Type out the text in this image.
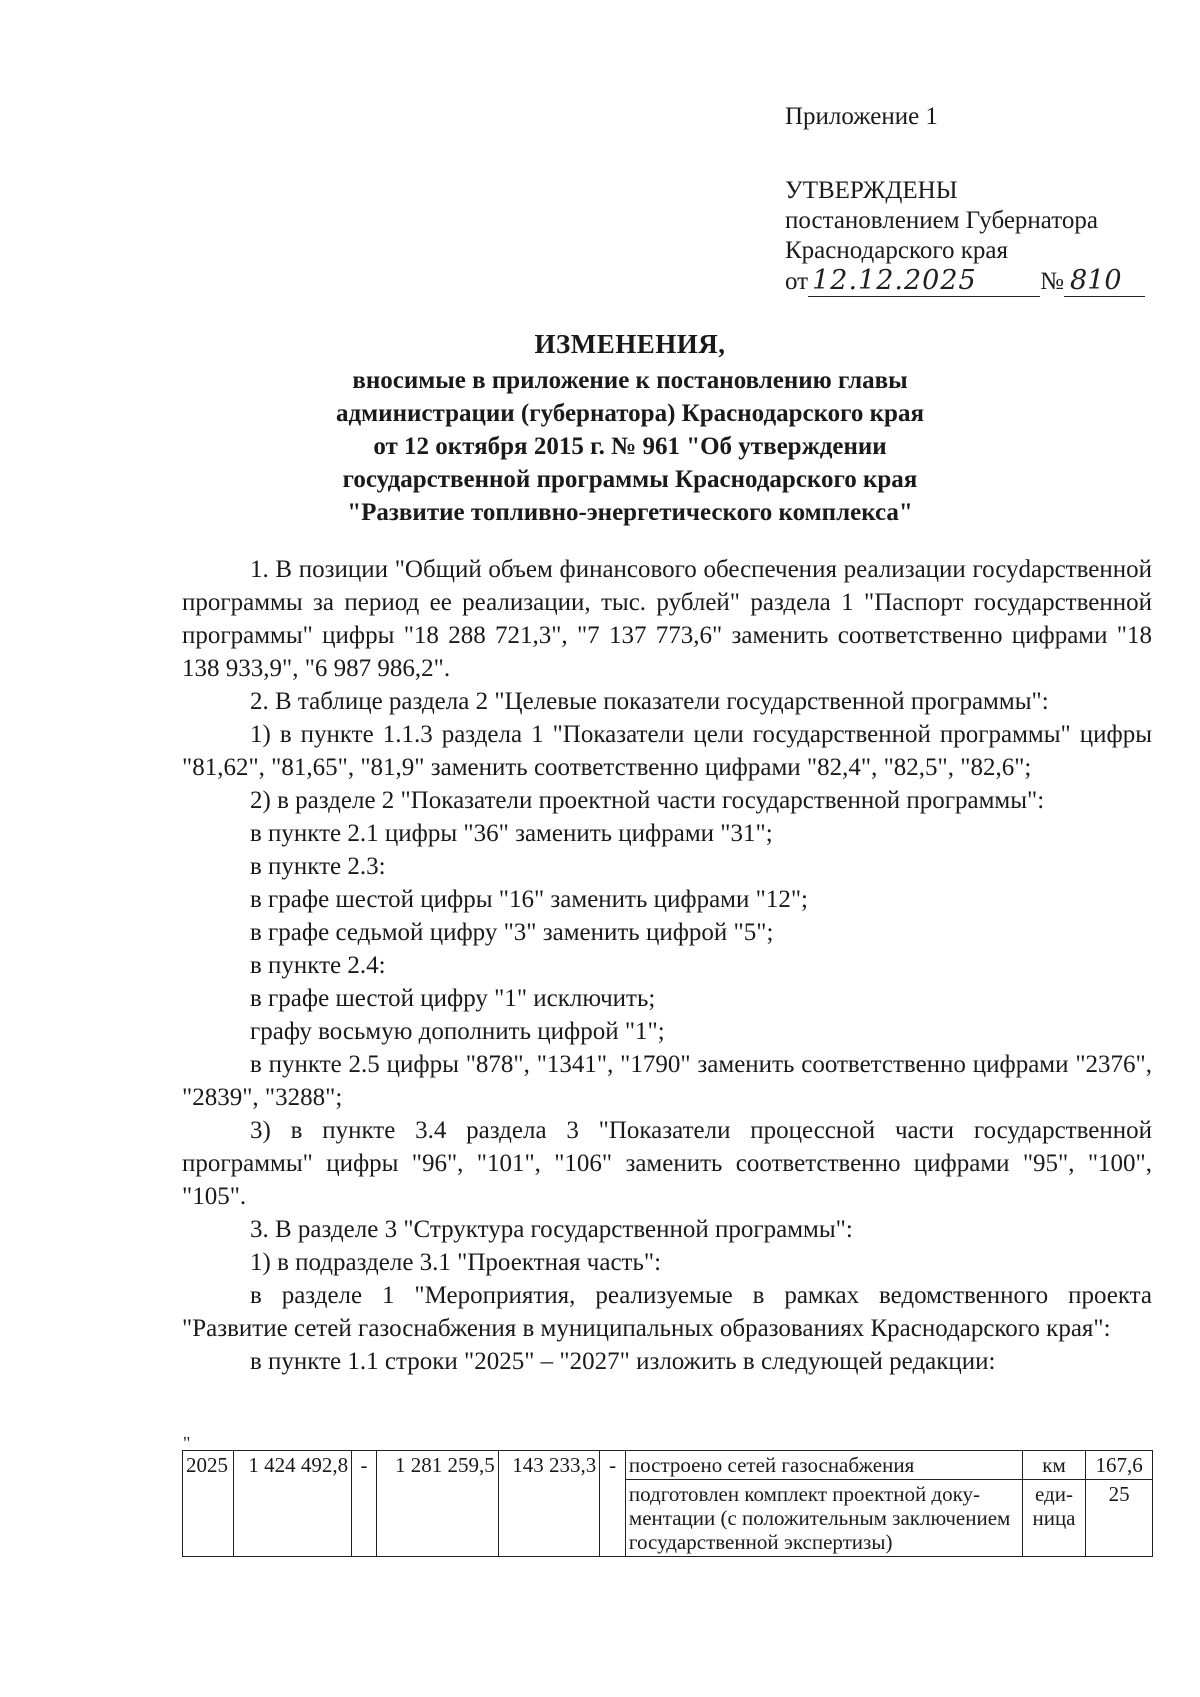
Приложение 1
УТВЕРЖДЕНЫ
постановлением Губернатора
Краснодарского края
от 12.12.2025	№ 810
ИЗМЕНЕНИЯ,
вносимые в приложение к постановлению главы
администрации (губернатора) Краснодарского края
от 12 октября 2015 г. № 961 "Об утверждении
государственной программы Краснодарского края
"Развитие топливно-энергетического комплекса"

1. В позиции "Общий объем финансового обеспечения реализации госуdарственной программы за период ее реализации, тыс. рублей" раздела 1 "Паспорт государственной программы" цифры "18 288 721,3", "7 137 773,6" заменить соответственно цифрами "18 138 933,9", "6 987 986,2".

2. В таблице раздела 2 "Целевые показатели государственной программы":

1) в пункте 1.1.3 раздела 1 "Показатели цели государственной программы" цифры "81,62", "81,65", "81,9" заменить соответственно цифрами "82,4", "82,5", "82,6";

2) в разделе 2 "Показатели проектной части государственной программы":

в пункте 2.1 цифры "36" заменить цифрами "31";

в пункте 2.3:

в графе шестой цифры "16" заменить цифрами "12";

в графе седьмой цифру "3" заменить цифрой "5";

в пункте 2.4:

в графе шестой цифру "1" исключить;

графу восьмую дополнить цифрой "1";

в пункте 2.5 цифры "878", "1341", "1790" заменить соответственно цифрами "2376", "2839", "3288";

3) в пункте 3.4 раздела 3 "Показатели процессной части государственной программы" цифры "96", "101", "106" заменить соответственно цифрами "95", "100", "105".

3. В разделе 3 "Структура государственной программы":

1) в подразделе 3.1 "Проектная часть":

в разделе 1 "Мероприятия, реализуемые в рамках ведомственного проекта "Развитие сетей газоснабжения в муниципальных образованиях Краснодарского края":

в пункте 1.1 строки "2025" – "2027" изложить в следующей редакции:

"
2025	1 424 492,8	-	1 281 259,5	143 233,3	-	построено сетей газоснабжения	км	167,6
						подготовлен комплект проектной документации (с положительным заключением государственной экспертизы)	единица	25
